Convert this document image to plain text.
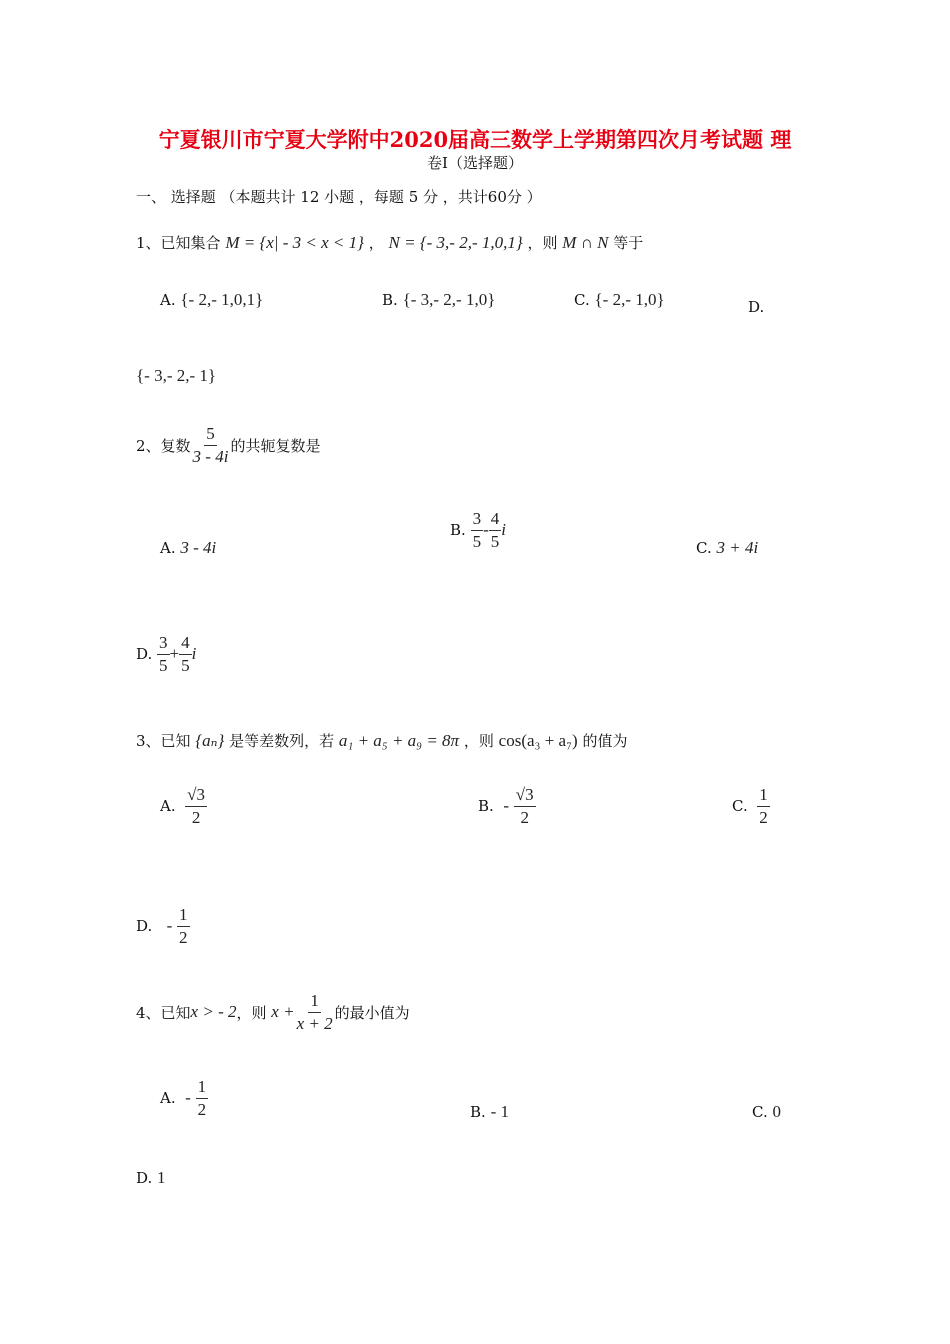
宁夏银川市宁夏大学附中2020届高三数学上学期第四次月考试题 理
卷Ⅰ（选择题）
一、 选择题 （本题共计 12 小题 ，每题 5 分 ，共计60分 ）
1、已知集合 M = {x| - 3 < x < 1} ， N = {- 3,- 2,- 1,0,1} ，则 M ∩ N 等于
A. {- 2,- 1,0,1}	B. {- 3,- 2,- 1,0}	C. {- 2,- 1,0}	D.
{- 3,- 2,- 1}
2、复数 $\frac{5}{3 - 4i}$ 的共轭复数是
A. 3 - 4i
B.
$\frac{3}{5} - \frac{4}{5}$ i
C. 3 + 4i
D.
$\frac{3}{5} + \frac{4}{5}$ i
3、已知 {aₙ} 是等差数列，若 a₁ + a₅ + a₉ = 8π ，则 cos(a₃ + a₇) 的值为
A.
$\frac{√3}{2}$	B.
-
$\frac{√3}{2}$	C.
$\frac{1}{2}$
D.
-
$\frac{1}{2}$
4、已知 x > - 2 ，则
$x + \frac{1}{x + 2}$ 的最小值为
A.
-
$\frac{1}{2}$	B. - 1	C. 0
D. 1
